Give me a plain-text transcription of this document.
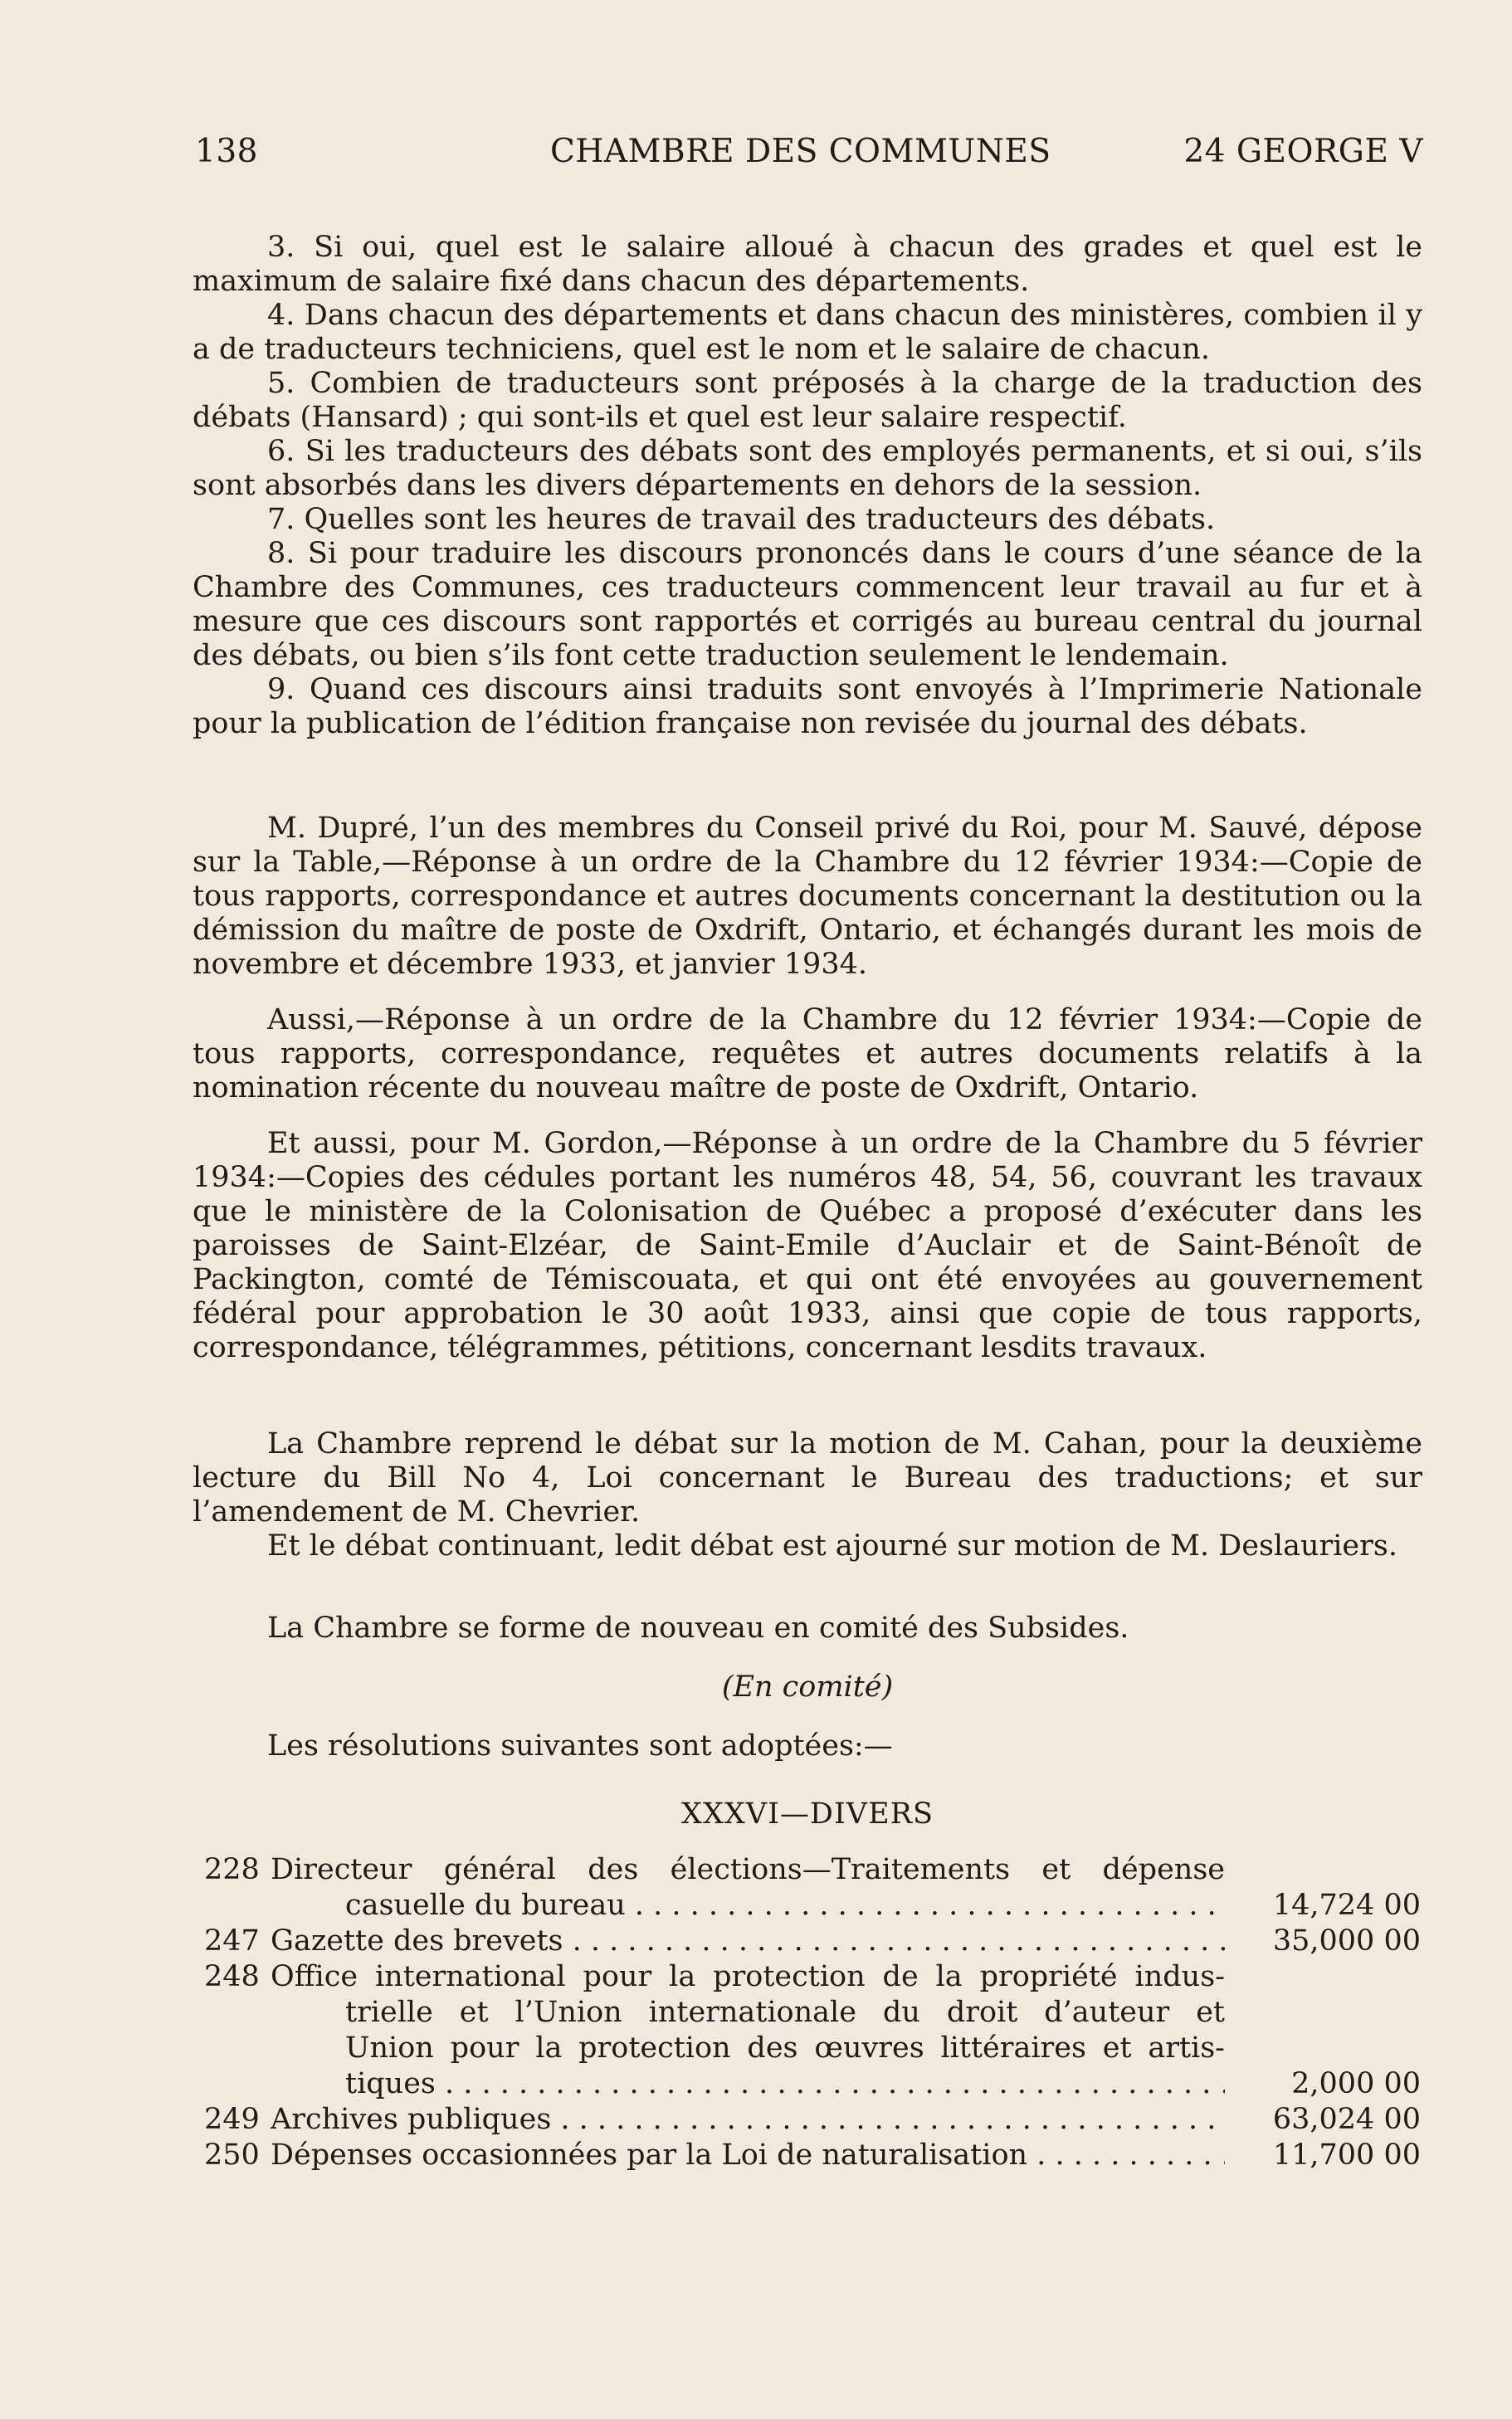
138	CHAMBRE DES COMMUNES	24 GEORGE V

3. Si oui, quel est le salaire alloué à chacun des grades et quel est le maximum de salaire fixé dans chacun des départements.

4. Dans chacun des départements et dans chacun des ministères, combien il y a de traducteurs techniciens, quel est le nom et le salaire de chacun.

5. Combien de traducteurs sont préposés à la charge de la traduction des débats (Hansard) ; qui sont-ils et quel est leur salaire respectif.

6. Si les traducteurs des débats sont des employés permanents, et si oui, s’ils sont absorbés dans les divers départements en dehors de la session.

7. Quelles sont les heures de travail des traducteurs des débats.

8. Si pour traduire les discours prononcés dans le cours d’une séance de la Chambre des Communes, ces traducteurs commencent leur travail au fur et à mesure que ces discours sont rapportés et corrigés au bureau central du journal des débats, ou bien s’ils font cette traduction seulement le lendemain.

9. Quand ces discours ainsi traduits sont envoyés à l’Imprimerie Nationale pour la publication de l’édition française non revisée du journal des débats.

M. Dupré, l’un des membres du Conseil privé du Roi, pour M. Sauvé, dépose sur la Table,—Réponse à un ordre de la Chambre du 12 février 1934:—Copie de tous rapports, correspondance et autres documents concernant la destitution ou la démission du maître de poste de Oxdrift, Ontario, et échangés durant les mois de novembre et décembre 1933, et janvier 1934.

Aussi,—Réponse à un ordre de la Chambre du 12 février 1934:—Copie de tous rapports, correspondance, requêtes et autres documents relatifs à la nomination récente du nouveau maître de poste de Oxdrift, Ontario.

Et aussi, pour M. Gordon,—Réponse à un ordre de la Chambre du 5 février 1934:—Copies des cédules portant les numéros 48, 54, 56, couvrant les travaux que le ministère de la Colonisation de Québec a proposé d’exécuter dans les paroisses de Saint-Elzéar, de Saint-Emile d’Auclair et de Saint-Bénoît de Packington, comté de Témiscouata, et qui ont été envoyées au gouvernement fédéral pour approbation le 30 août 1933, ainsi que copie de tous rapports, correspondance, télégrammes, pétitions, concernant lesdits travaux.

La Chambre reprend le débat sur la motion de M. Cahan, pour la deuxième lecture du Bill No 4, Loi concernant le Bureau des traductions; et sur l’amendement de M. Chevrier.

Et le débat continuant, ledit débat est ajourné sur motion de M. Deslauriers.

La Chambre se forme de nouveau en comité des Subsides.

(En comité)

Les résolutions suivantes sont adoptées:—

XXXVI—DIVERS
228 Directeur général des élections—Traitements et dépense
casuelle du bureau . . .	14,724 00
247 Gazette des brevets . . .	35,000 00
248 Office international pour la protection de la propriété indus-
trielle et l’Union internationale du droit d’auteur et
Union pour la protection des œuvres littéraires et artis-
tiques . . .	2,000 00
249 Archives publiques . . .	63,024 00
250 Dépenses occasionnées par la Loi de naturalisation . . .	11,700 00
